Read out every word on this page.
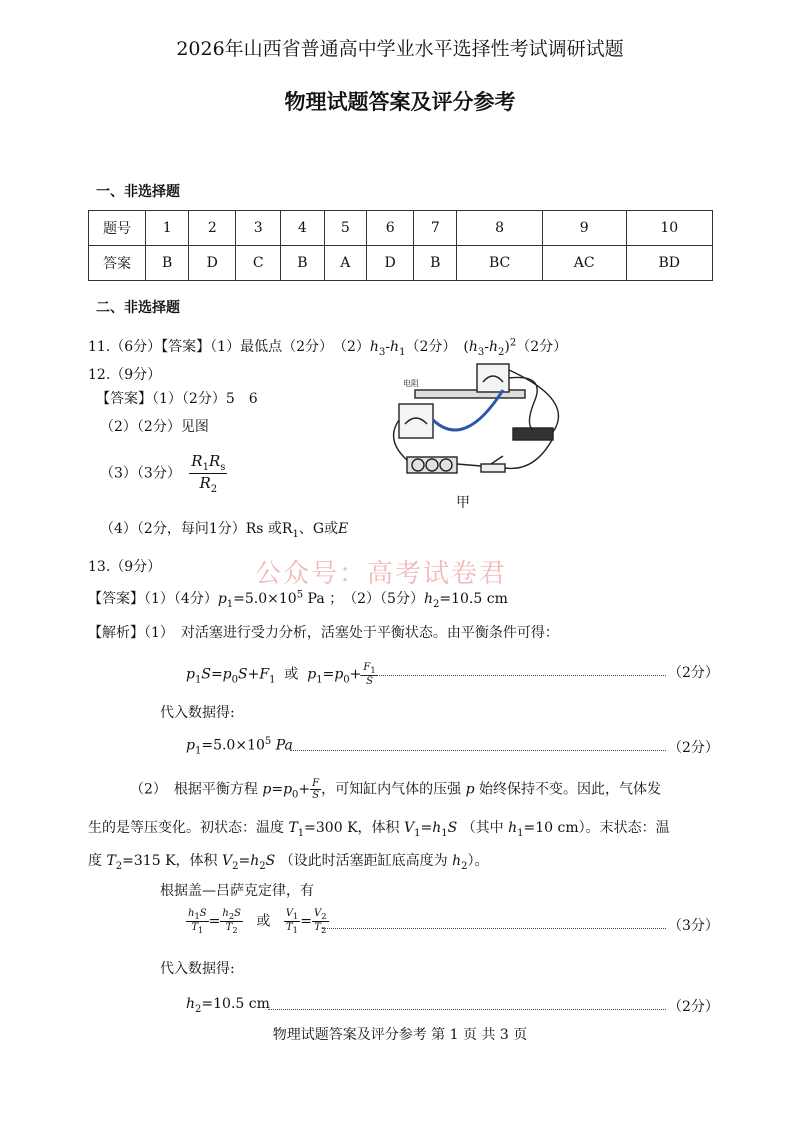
2026年山西省普通高中学业水平选择性考试调研试题
物理试题答案及评分参考
一、非选择题
题号	1	2	3	4	5	6	7	8	9	10
答案	B	D	C	B	A	D	B	BC	AC	BD
二、非选择题
11.（6分）【答案】（1）最低点（2分）　$(2)h_3-h_1(2$分）　$(h_3-h_2)^2(2$分）
12.（9分）
【答案】（1）（2分）5　6
（2）（2分）见图
（3）（3分） $\frac{R_1R_s}{R_2}$
（4）（2分，每问1分）Rs 或$R_1$、G或E
电阻
甲
公众号：高考试卷君
13.（9分）
【答案】（1）（4分）$p_1=5.0\times 10^5$ Pa ；　（2）（5分）$h_2=10.5$ cm
【解析】（1）　对活塞进行受力分析，活塞处于平衡状态。由平衡条件可得：
$p_1S=p_0S+F_1$ 或 $p_1=p_0+ \frac{F_1}{S}$	（2分）
代入数据得:
$p_1=5.0\times 10^5$ Pa	（2分）
（2）　根据平衡方程 $p=p_0+ \frac{F}{S}$ ，可知缸内气体的压强 p 始终保持不变。因此，气体发
生的是等压变化。初状态：温度 $T_1=300$ K，体积 $V_1=h_1S$ （其中 $h_1=10$ cm）。末状态：温
度 $T_2=315$ K，体积 $V_2=h_2S$ （设此时活塞距缸底高度为 $h_2$）。
根据盖—吕萨克定律，有
$\frac{h_1S}{T_1} = \frac{h_2S}{T_2}$ 或 $\frac{V_1}{T_1} = \frac{V_2}{T_2}$	（3分）
代入数据得:
$h_2=10.5$ cm	（2分）
物理试题答案及评分参考 第 1 页 共 3 页
